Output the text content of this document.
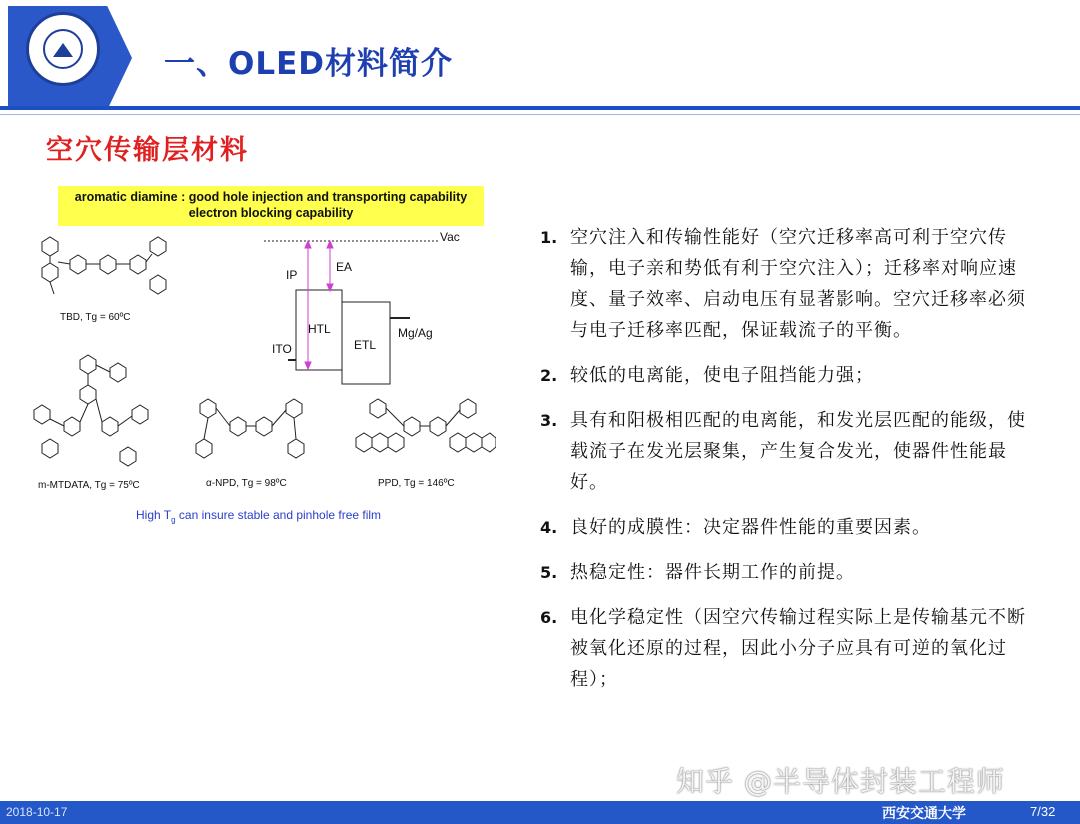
一、OLED材料简介
空穴传输层材料
aromatic diamine : good hole injection and transporting capability
electron blocking capability
TBD, Tg = 60ºC
m-MTDATA, Tg = 75ºC	α-NPD, Tg = 98ºC	PPD, Tg = 146ºC
Vac
IP
EA
HTL
ETL
ITO
Mg/Ag
High $T_g$ can insure stable and pinhole free film
1. 空穴注入和传输性能好（空穴迁移率高可利于空穴传输，电子亲和势低有利于空穴注入）；迁移率对响应速度、量子效率、启动电压有显著影响。空穴迁移率必须与电子迁移率匹配，保证载流子的平衡。
2. 较低的电离能，使电子阻挡能力强；
3. 具有和阳极相匹配的电离能，和发光层匹配的能级，使载流子在发光层聚集，产生复合发光，使器件性能最好。
4. 良好的成膜性：决定器件性能的重要因素。
5. 热稳定性：器件长期工作的前提。
6. 电化学稳定性（因空穴传输过程实际上是传输基元不断被氧化还原的过程，因此小分子应具有可逆的氧化过程）；
2018-10-17	西安交通大学	7/32
知乎 @半导体封装工程师
